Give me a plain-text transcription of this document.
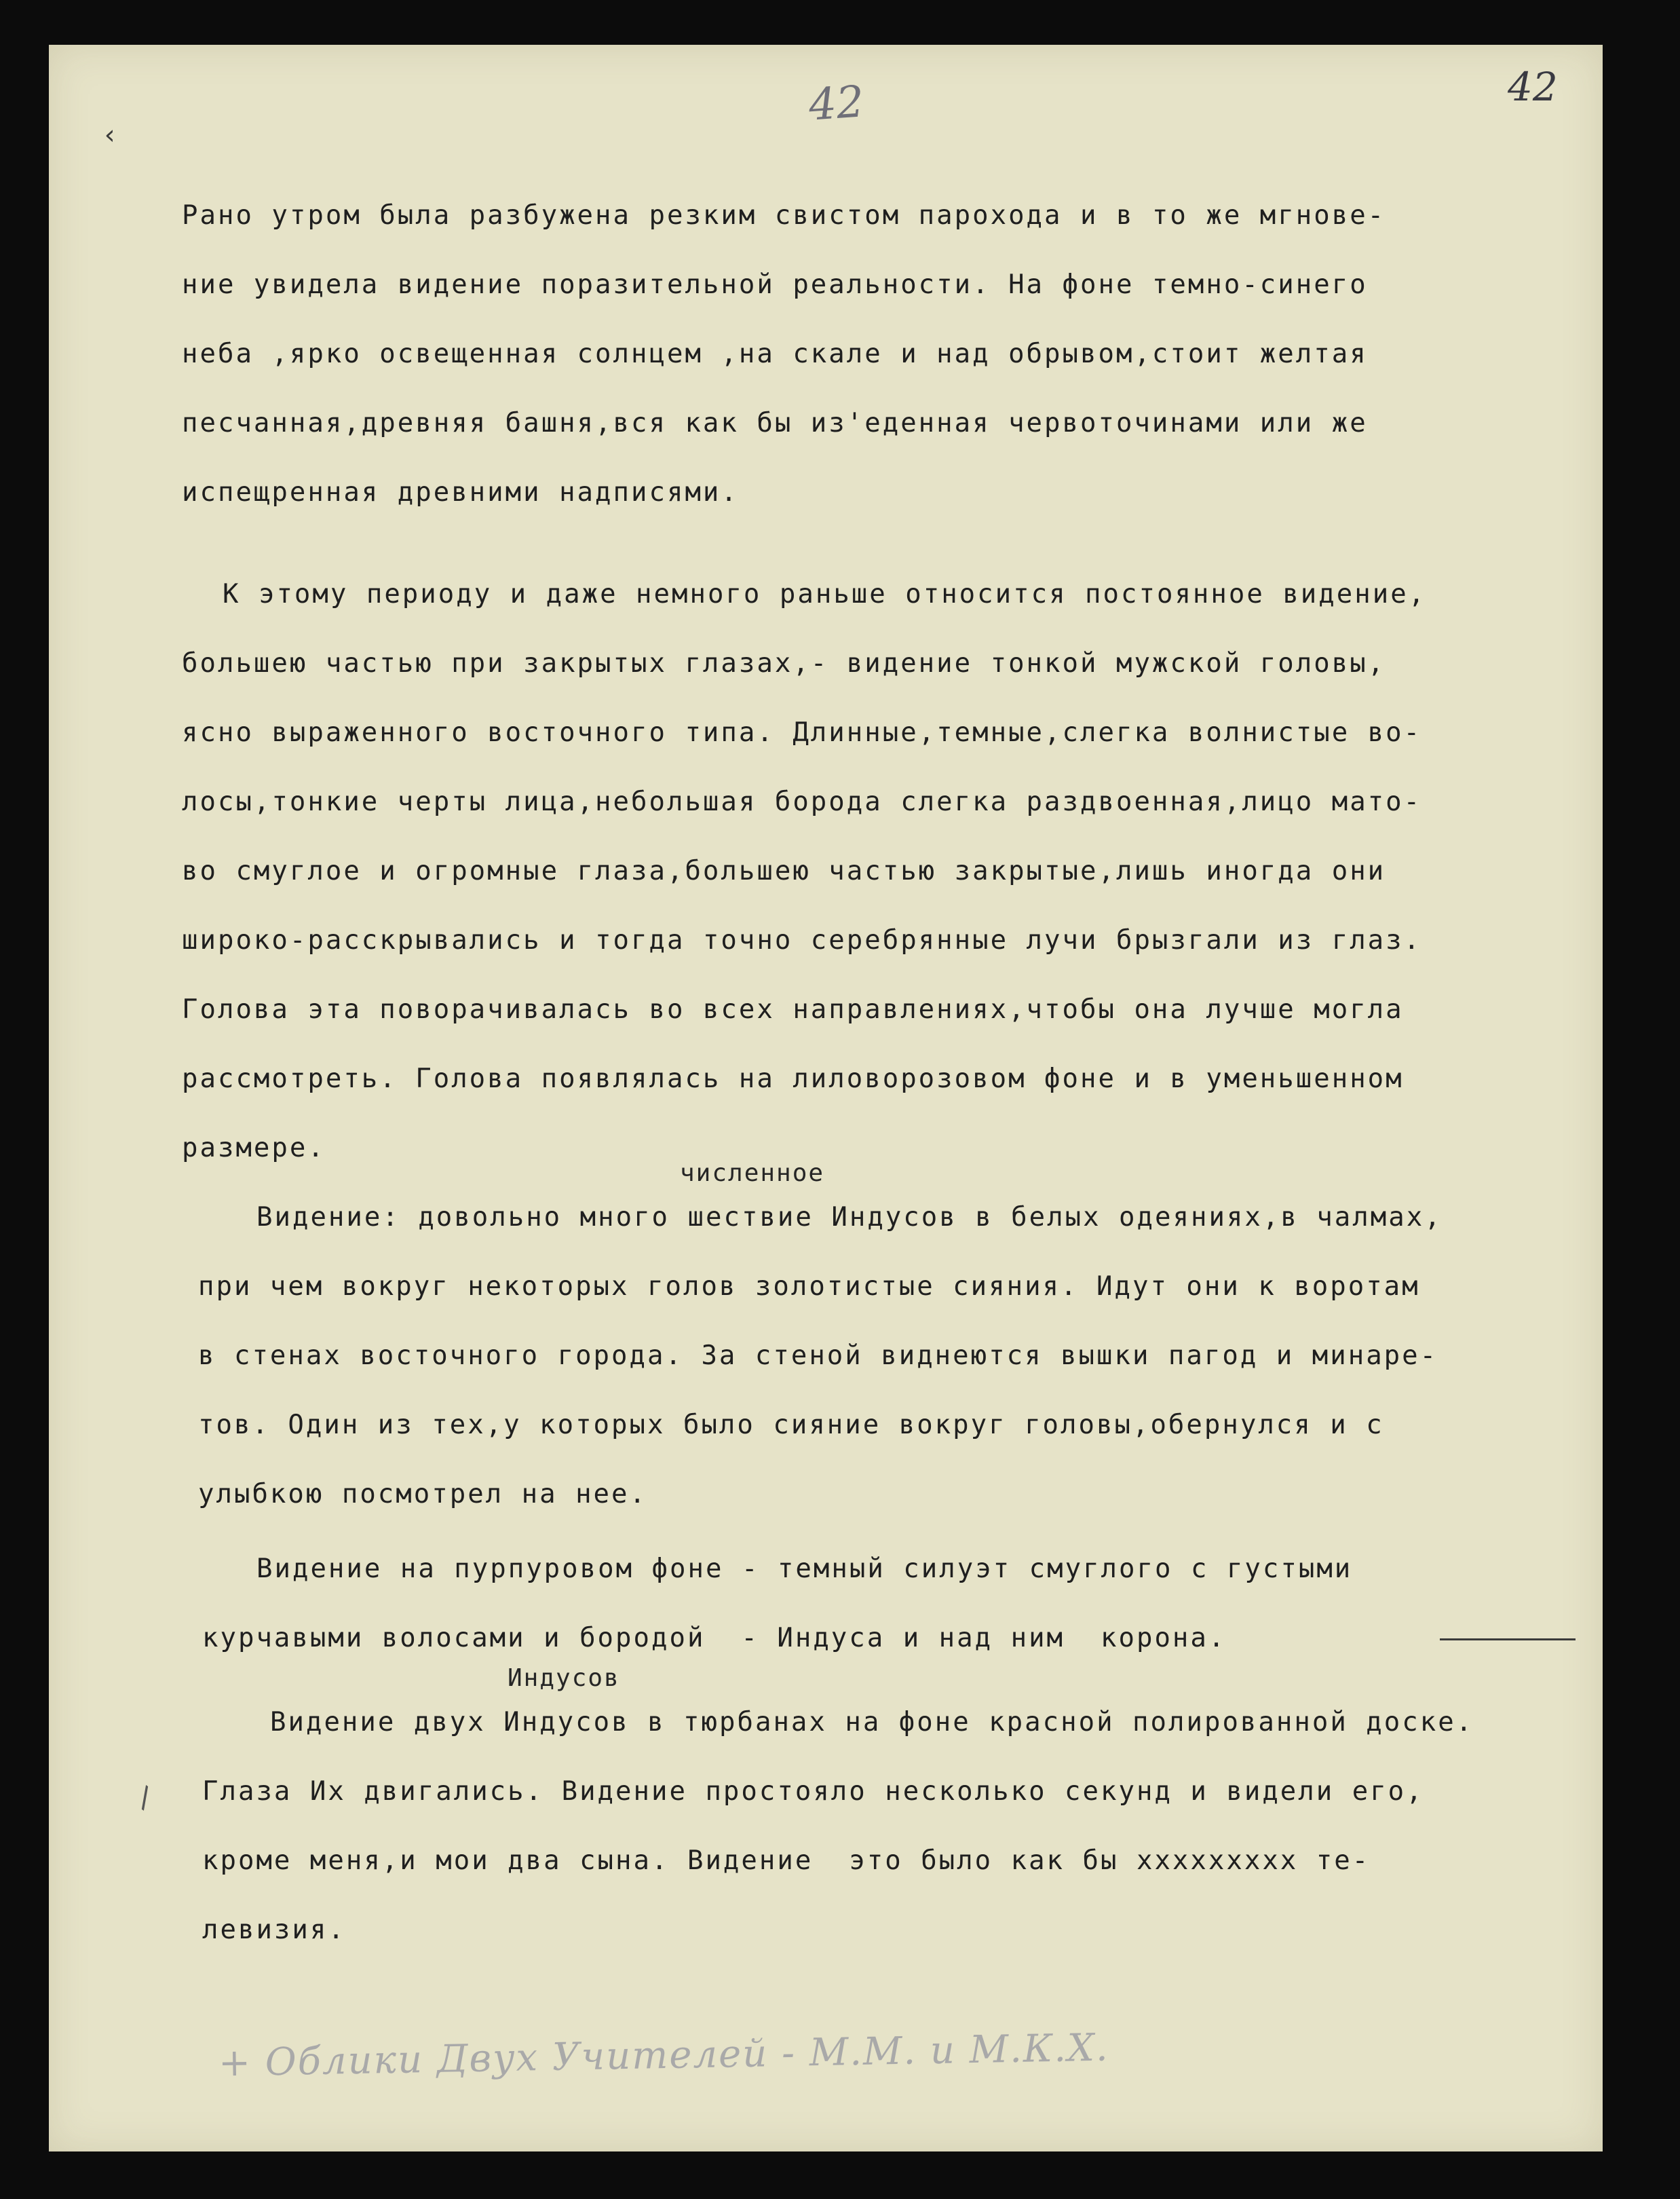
42	42
‹
\
Рано утром была разбужена резким свистом парохода и в то же мгнове-
ние увидела видение поразительной реальности. На фоне темно-синего
неба ,ярко освещенная солнцем ,на скале и над обрывом,стоит желтая
песчанная,древняя башня,вся как бы из'еденная червоточинами или же
испещренная древними надписями.
К этому периоду и даже немного раньше относится постоянное видение,
большею частью при закрытых глазах,- видение тонкой мужской головы,
ясно выраженного восточного типа. Длинные,темные,слегка волнистые во-
лосы,тонкие черты лица,небольшая борода слегка раздвоенная,лицо мато-
во смуглое и огромные глаза,большею частью закрытые,лишь иногда они
широко-расскрывались и тогда точно серебрянные лучи брызгали из глаз.
Голова эта поворачивалась во всех направлениях,чтобы она лучше могла
рассмотреть. Голова появлялась на лиловорозовом фоне и в уменьшенном
размере.
численное
Видение: довольно много шествие Индусов в белых одеяниях,в чалмах,
при чем вокруг некоторых голов золотистые сияния. Идут они к воротам
в стенах восточного города. За стеной виднеются вышки пагод и минаре-
тов. Один из тех,у которых было сияние вокруг головы,обернулся и с
улыбкою посмотрел на нее.
Видение на пурпуровом фоне - темный силуэт смуглого с густыми
курчавыми волосами и бородой  - Индуса и над ним  корона.
Индусов
Видение двух Индусов в тюрбанах на фоне красной полированной доске.
Глаза Их двигались. Видение простояло несколько секунд и видели его,
кроме меня,и мои два сына. Видение  это было как бы ххххххххх те-
левизия.
+ Облики Двух Учителей - М.М. и М.К.Х.
